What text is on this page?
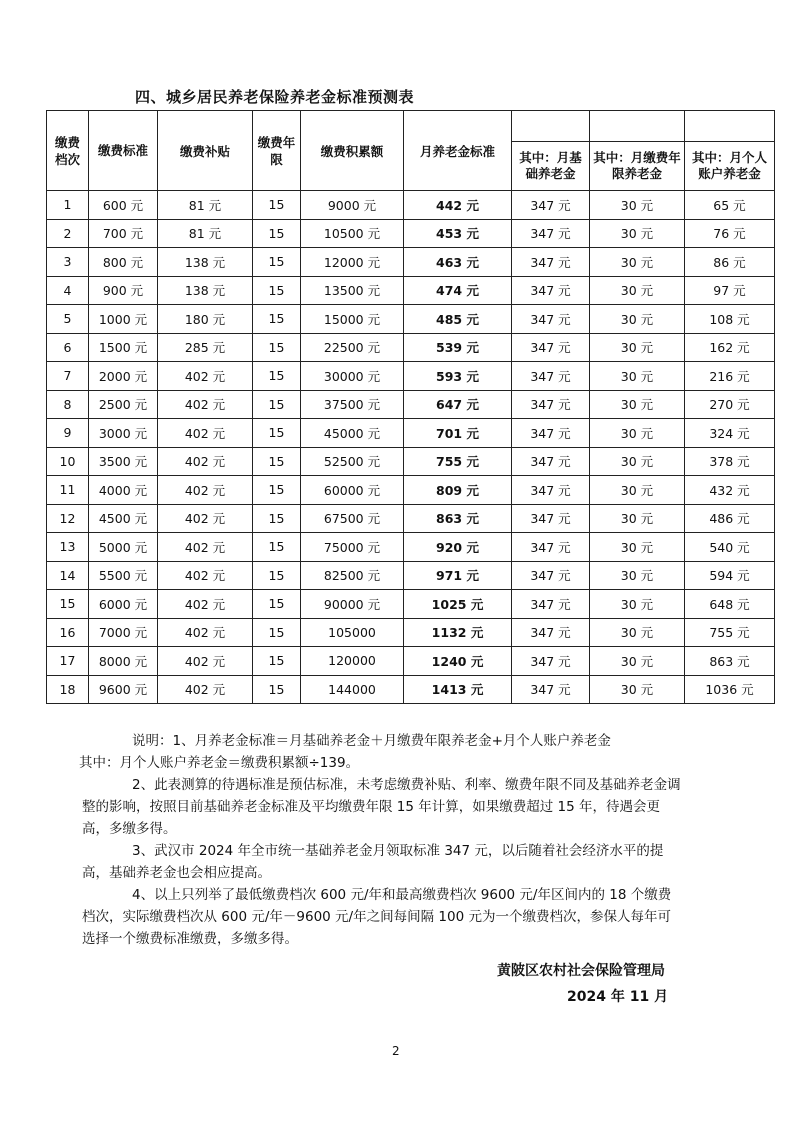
四、城乡居民养老保险养老金标准预测表
缴费档次	缴费标准	缴费补贴	缴费年限	缴费积累额	月养老金标准			
						其中：月基础养老金	其中：月缴费年限养老金	其中：月个人账户养老金
1	600 元	81 元	15	9000 元	442 元	347 元	30 元	65 元
2	700 元	81 元	15	10500 元	453 元	347 元	30 元	76 元
3	800 元	138 元	15	12000 元	463 元	347 元	30 元	86 元
4	900 元	138 元	15	13500 元	474 元	347 元	30 元	97 元
5	1000 元	180 元	15	15000 元	485 元	347 元	30 元	108 元
6	1500 元	285 元	15	22500 元	539 元	347 元	30 元	162 元
7	2000 元	402 元	15	30000 元	593 元	347 元	30 元	216 元
8	2500 元	402 元	15	37500 元	647 元	347 元	30 元	270 元
9	3000 元	402 元	15	45000 元	701 元	347 元	30 元	324 元
10	3500 元	402 元	15	52500 元	755 元	347 元	30 元	378 元
11	4000 元	402 元	15	60000 元	809 元	347 元	30 元	432 元
12	4500 元	402 元	15	67500 元	863 元	347 元	30 元	486 元
13	5000 元	402 元	15	75000 元	920 元	347 元	30 元	540 元
14	5500 元	402 元	15	82500 元	971 元	347 元	30 元	594 元
15	6000 元	402 元	15	90000 元	1025 元	347 元	30 元	648 元
16	7000 元	402 元	15	105000	1132 元	347 元	30 元	755 元
17	8000 元	402 元	15	120000	1240 元	347 元	30 元	863 元
18	9600 元	402 元	15	144000	1413 元	347 元	30 元	1036 元

说明：1、月养老金标准＝月基础养老金＋月缴费年限养老金+月个人账户养老金

其中：月个人账户养老金＝缴费积累额÷139。

2、此表测算的待遇标准是预估标准，未考虑缴费补贴、利率、缴费年限不同及基础养老金调整的影响，按照目前基础养老金标准及平均缴费年限 15 年计算，如果缴费超过 15 年，待遇会更高，多缴多得。

3、武汉市 2024 年全市统一基础养老金月领取标准 347 元，以后随着社会经济水平的提高，基础养老金也会相应提高。

4、以上只列举了最低缴费档次 600 元/年和最高缴费档次 9600 元/年区间内的 18 个缴费档次，实际缴费档次从 600 元/年－9600 元/年之间每间隔 100 元为一个缴费档次，参保人每年可选择一个缴费标准缴费，多缴多得。

黄陂区农村社会保险管理局
2024 年 11 月
2
